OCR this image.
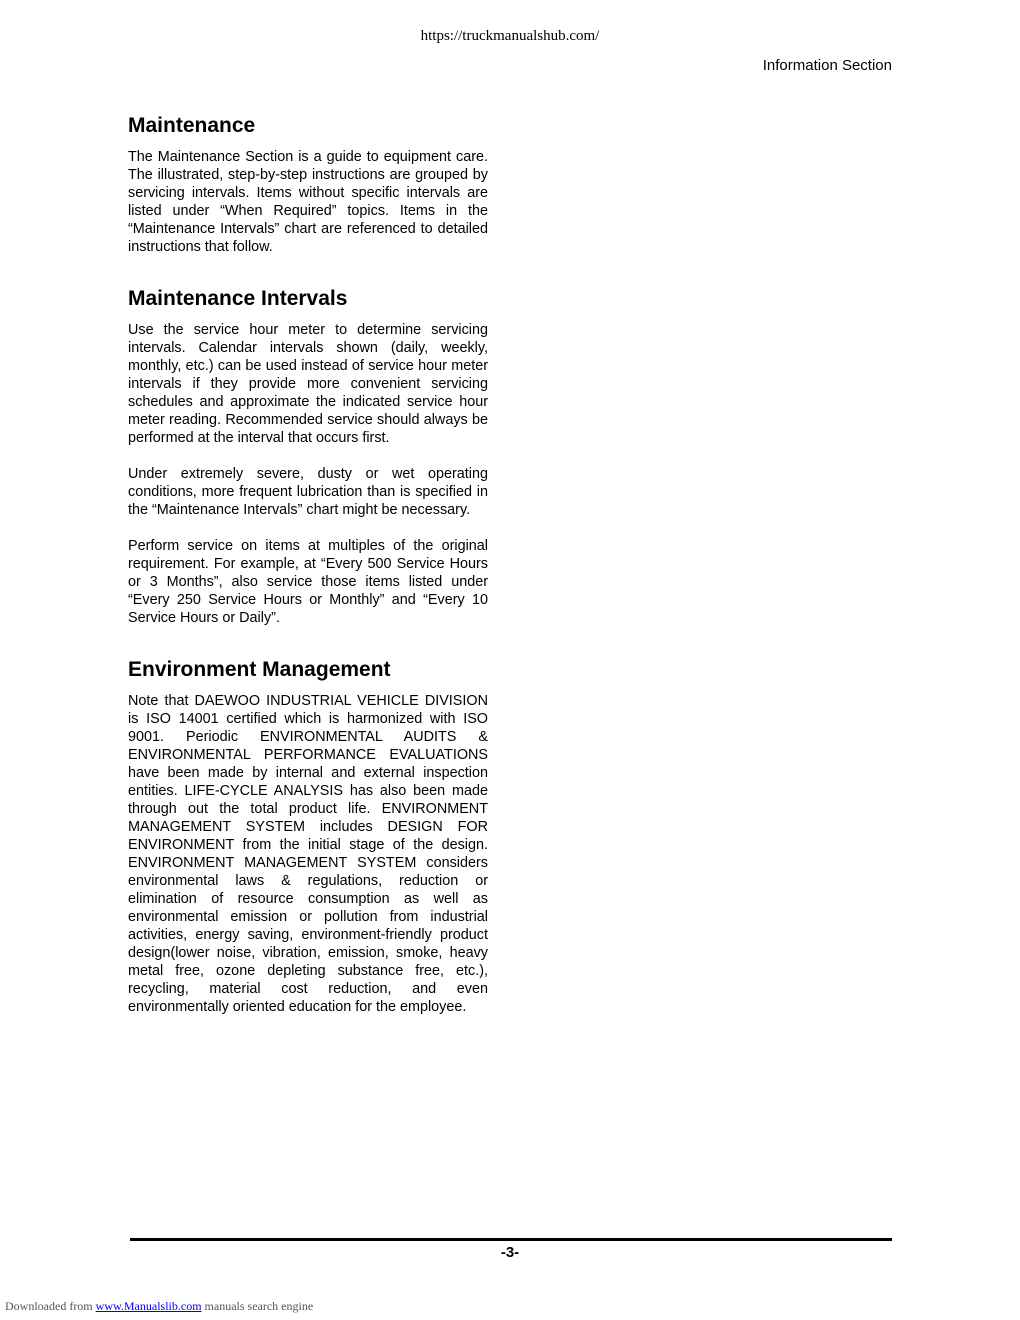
https://truckmanualshub.com/
Information Section
Maintenance

The Maintenance Section is a guide to equipment care. The illustrated, step-by-step instructions are grouped by servicing intervals. Items without specific intervals are listed under “When Required” topics. Items in the “Maintenance Intervals” chart are referenced to detailed instructions that follow.

Maintenance Intervals

Use the service hour meter to determine servicing intervals. Calendar intervals shown (daily, weekly, monthly, etc.) can be used instead of service hour meter intervals if they provide more convenient servicing schedules and approximate the indicated service hour meter reading. Recommended service should always be performed at the interval that occurs first.

Under extremely severe, dusty or wet operating conditions, more frequent lubrication than is specified in the “Maintenance Intervals” chart might be necessary.

Perform service on items at multiples of the original requirement. For example, at “Every 500 Service Hours or 3 Months”, also service those items listed under “Every 250 Service Hours or Monthly” and “Every 10 Service Hours or Daily”.

Environment Management

Note that DAEWOO INDUSTRIAL VEHICLE DIVISION is ISO 14001 certified which is harmonized with ISO 9001. Periodic ENVIRONMENTAL AUDITS & ENVIRONMENTAL PERFORMANCE EVALUATIONS have been made by internal and external inspection entities. LIFE-CYCLE ANALYSIS has also been made through out the total product life. ENVIRONMENT MANAGEMENT SYSTEM includes DESIGN FOR ENVIRONMENT from the initial stage of the design. ENVIRONMENT MANAGEMENT SYSTEM considers environmental laws & regulations, reduction or elimination of resource consumption as well as environmental emission or pollution from industrial activities, energy saving, environment-friendly product design(lower noise, vibration, emission, smoke, heavy metal free, ozone depleting substance free, etc.), recycling, material cost reduction, and even environmentally oriented education for the employee.

-3-
Downloaded from www.Manualslib.com manuals search engine
